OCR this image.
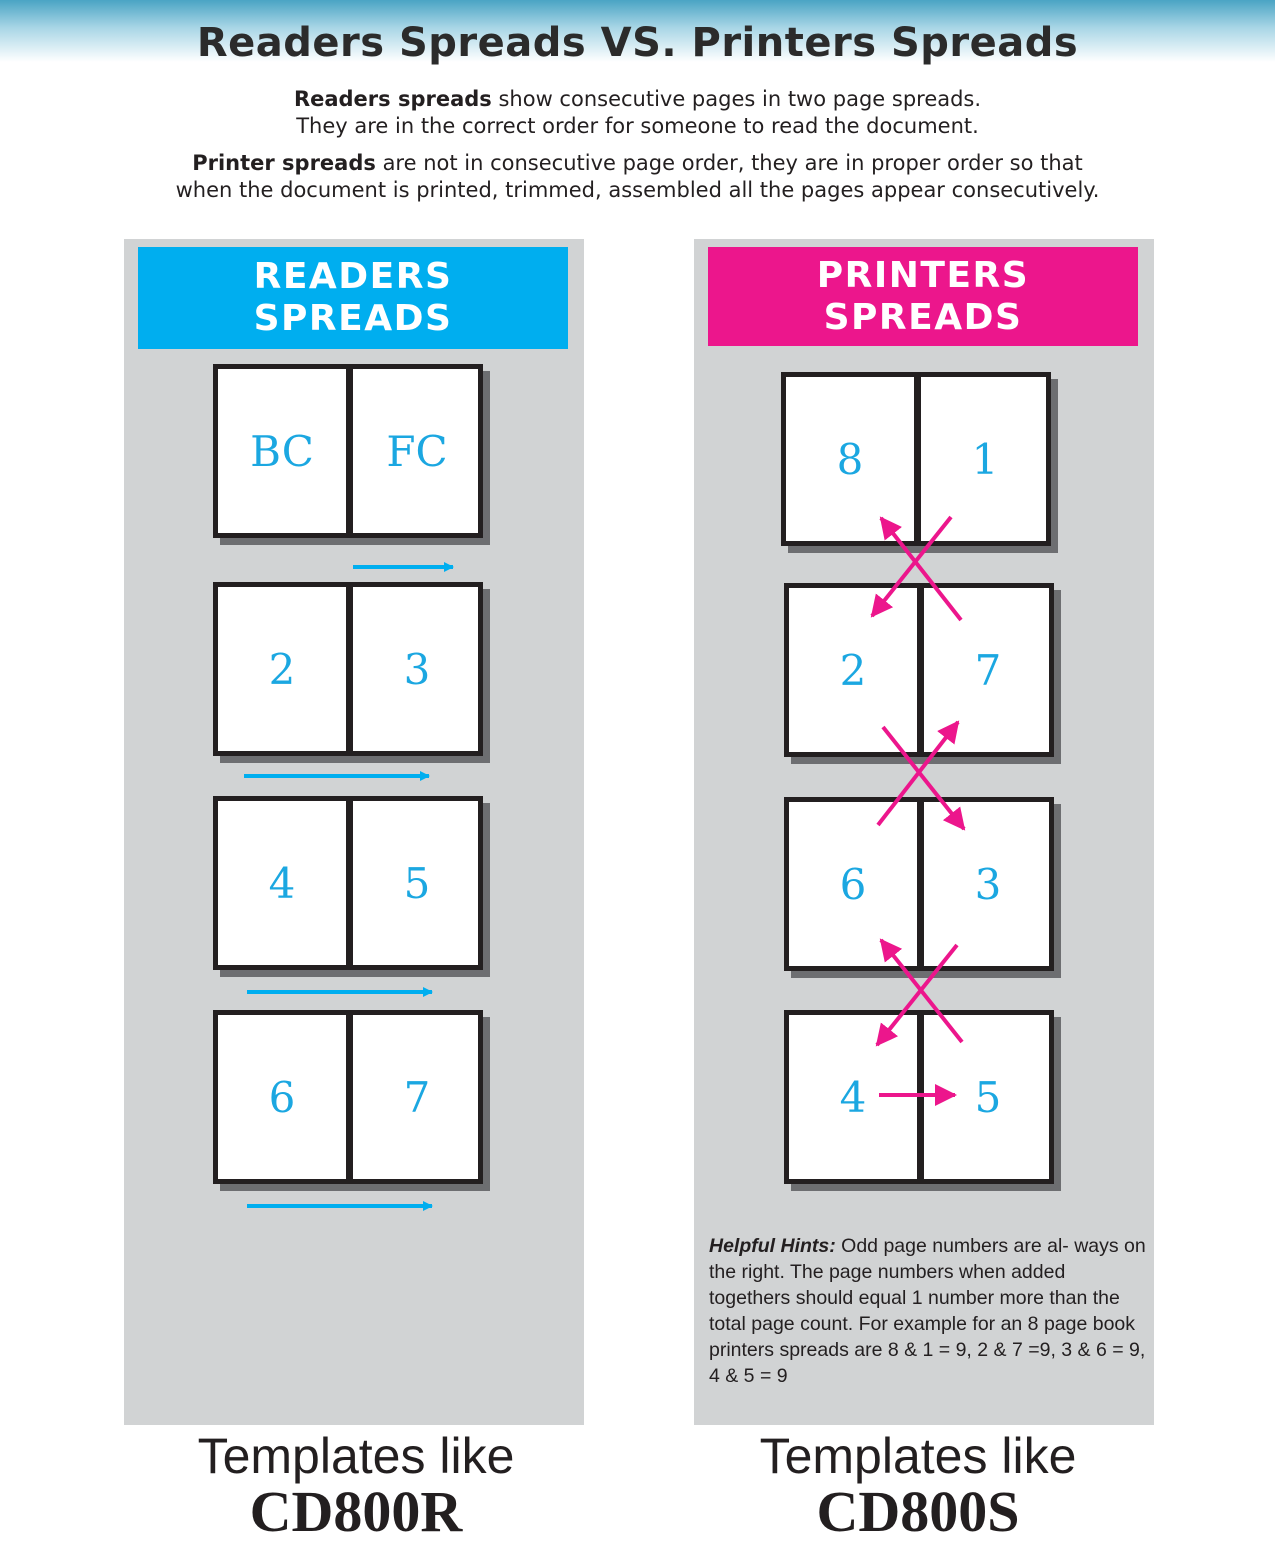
Readers Spreads VS. Printers Spreads
Readers spreads show consecutive pages in two page spreads.
They are in the correct order for someone to read the document.
Printer spreads are not in consecutive page order, they are in proper order so that
when the document is printed, trimmed, assembled all the pages appear consecutively.
READERS
SPREADS
PRINTERS
SPREADS
BC	FC
2	3
4	5
6	7
8	1
2	7
6	3
4	5
Helpful Hints: Odd page numbers are al- ways on the right. The page numbers when added togethers should equal 1 number more than the total page count. For example for an 8 page book printers spreads are 8 & 1 = 9, 2 & 7 =9, 3 & 6 = 9, 4 & 5 = 9
Templates like
CD800R
Templates like
CD800S
